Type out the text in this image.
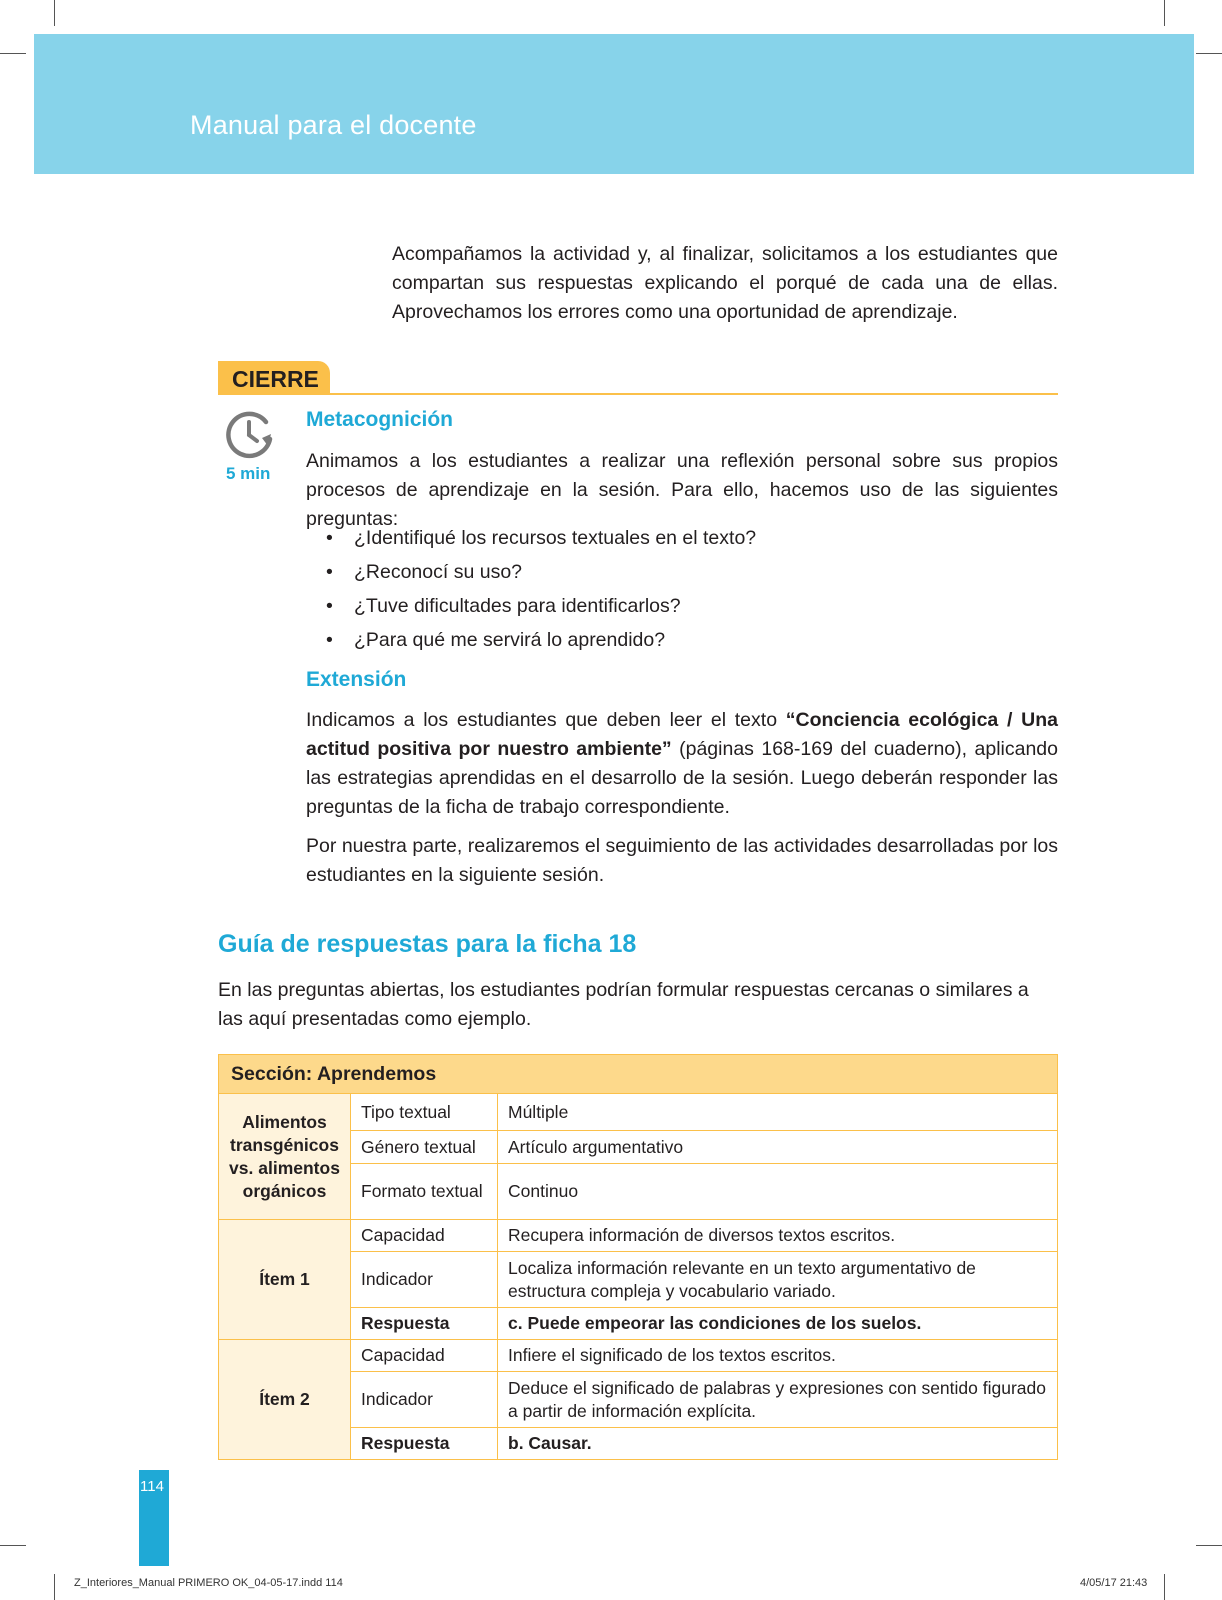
Manual para el docente
Acompañamos la actividad y, al finalizar, solicitamos a los estudiantes que compartan sus respuestas explicando el porqué de cada una de ellas. Aprovechamos los errores como una oportunidad de aprendizaje.
CIERRE
5 min
Metacognición
Animamos a los estudiantes a realizar una reflexión personal sobre sus propios procesos de aprendizaje en la sesión. Para ello, hacemos uso de las siguientes preguntas:
• ¿Identifiqué los recursos textuales en el texto?
• ¿Reconocí su uso?
• ¿Tuve dificultades para identificarlos?
• ¿Para qué me servirá lo aprendido?
Extensión
Indicamos a los estudiantes que deben leer el texto “Conciencia ecológica / Una actitud positiva por nuestro ambiente” (páginas 168-169 del cuaderno), aplicando las estrategias aprendidas en el desarrollo de la sesión. Luego deberán responder las preguntas de la ficha de trabajo correspondiente.
Por nuestra parte, realizaremos el seguimiento de las actividades desarrolladas por los estudiantes en la siguiente sesión.
Guía de respuestas para la ficha 18
En las preguntas abiertas, los estudiantes podrían formular respuestas cercanas o similares a las aquí presentadas como ejemplo.
Sección: Aprendemos		
Alimentos transgénicos vs. alimentos orgánicos	Tipo textual	Múltiple
	Género textual	Artículo argumentativo
	Formato textual	Continuo
Ítem 1	Capacidad	Recupera información de diversos textos escritos.
	Indicador	Localiza información relevante en un texto argumentativo de estructura compleja y vocabulario variado.
	Respuesta	c. Puede empeorar las condiciones de los suelos.
Ítem 2	Capacidad	Infiere el significado de los textos escritos.
	Indicador	Deduce el significado de palabras y expresiones con sentido figurado a partir de información explícita.
	Respuesta	b. Causar.
114
Z_Interiores_Manual PRIMERO OK_04-05-17.indd 114	4/05/17 21:43
